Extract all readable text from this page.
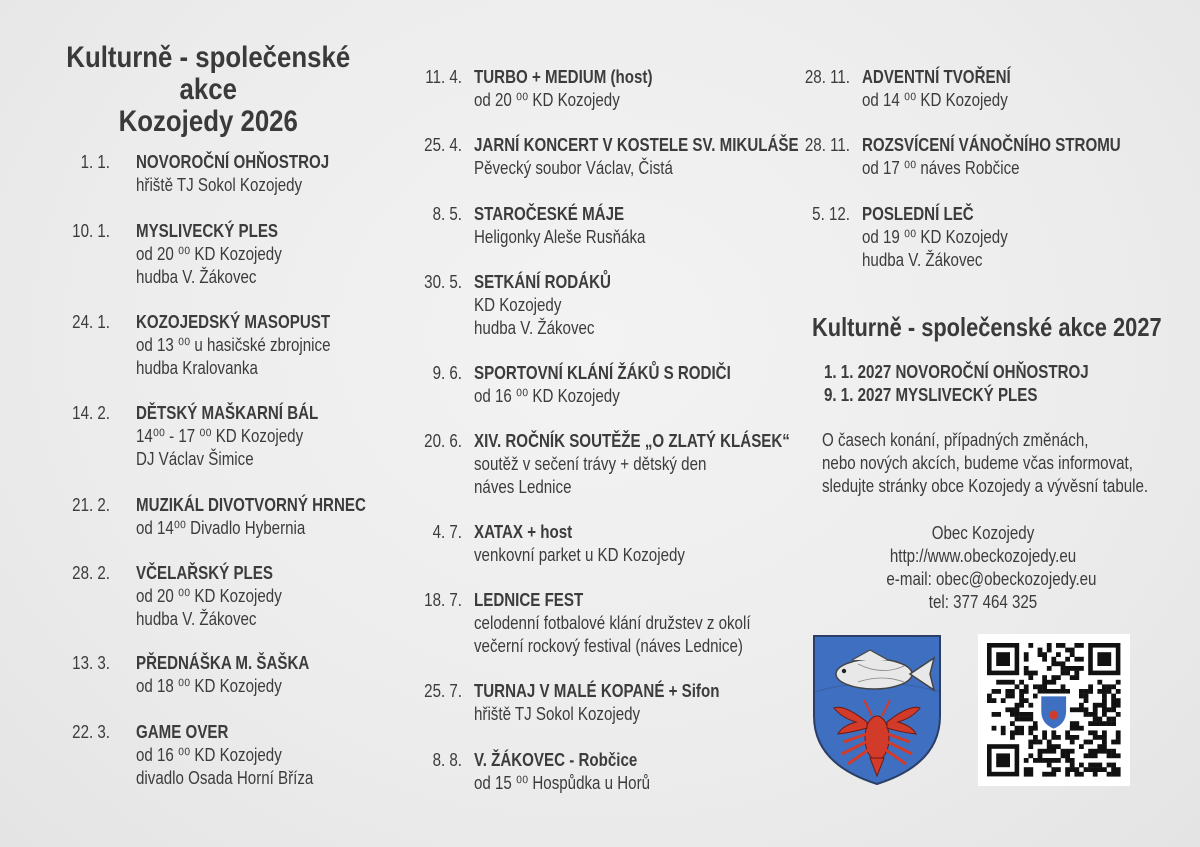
Kulturně - společenské akce
Kozojedy 2026
1. 1. NOVOROČNÍ OHŇOSTROJ
hřiště TJ Sokol Kozojedy
10. 1. MYSLIVECKÝ PLES
od 20 ⁰⁰ KD Kozojedy
hudba V. Žákovec
24. 1. KOZOJEDSKÝ MASOPUST
od 13 ⁰⁰ u hasičské zbrojnice
hudba Kralovanka
14. 2. DĚTSKÝ MAŠKARNÍ BÁL
14⁰⁰ - 17 ⁰⁰ KD Kozojedy
DJ Václav Šimice
21. 2. MUZIKÁL DIVOTVORNÝ HRNEC
od 14⁰⁰ Divadlo Hybernia
28. 2. VČELAŘSKÝ PLES
od 20 ⁰⁰ KD Kozojedy
hudba V. Žákovec
13. 3. PŘEDNÁŠKA M. ŠAŠKA
od 18 ⁰⁰ KD Kozojedy
22. 3. GAME OVER
od 16 ⁰⁰ KD Kozojedy
divadlo Osada Horní Bříza
11. 4. TURBO + MEDIUM (host)
od 20 ⁰⁰ KD Kozojedy
25. 4. JARNÍ KONCERT V KOSTELE SV. MIKULÁŠE
Pěvecký soubor Václav, Čistá
8. 5. STAROČESKÉ MÁJE
Heligonky Aleše Rusňáka
30. 5. SETKÁNÍ RODÁKŮ
KD Kozojedy
hudba V. Žákovec
9. 6. SPORTOVNÍ KLÁNÍ ŽÁKŮ S RODIČI
od 16 ⁰⁰ KD Kozojedy
20. 6. XIV. ROČNÍK SOUTĚŽE „O ZLATÝ KLÁSEK“
soutěž v sečení trávy + dětský den
náves Lednice
4. 7. XATAX + host
venkovní parket u KD Kozojedy
18. 7. LEDNICE FEST
celodenní fotbalové klání družstev z okolí
večerní rockový festival (náves Lednice)
25. 7. TURNAJ V MALÉ KOPANÉ + Sifon
hřiště TJ Sokol Kozojedy
8. 8. V. ŽÁKOVEC - Robčice
od 15 ⁰⁰ Hospůdka u Horů
28. 11. ADVENTNÍ TVOŘENÍ
od 14 ⁰⁰ KD Kozojedy
28. 11. ROZSVÍCENÍ VÁNOČNÍHO STROMU
od 17 ⁰⁰ náves Robčice
5. 12. POSLEDNÍ LEČ
od 19 ⁰⁰ KD Kozojedy
hudba V. Žákovec
Kulturně - společenské akce 2027
1. 1. 2027 NOVOROČNÍ OHŇOSTROJ
9. 1. 2027 MYSLIVECKÝ PLES
O časech konání, případných změnách,
nebo nových akcích, budeme včas informovat,
sledujte stránky obce Kozojedy a vývěsní tabule.
Obec Kozojedy
http://www.obeckozojedy.eu
e-mail: obec@obeckozojedy.eu
tel: 377 464 325
